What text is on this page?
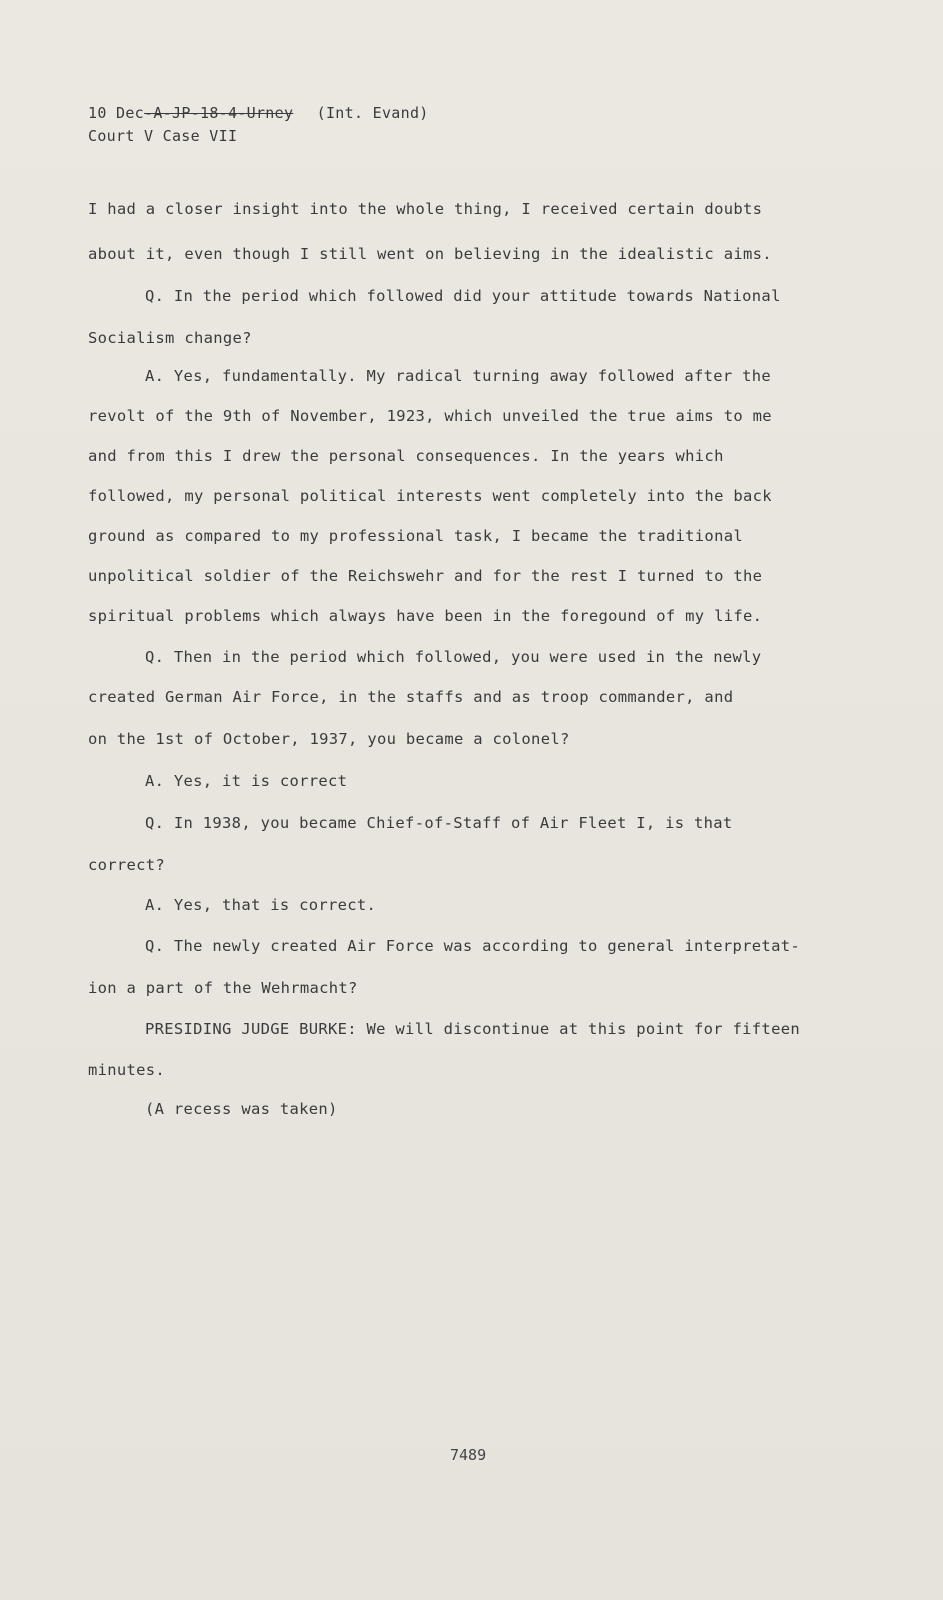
10 Dec-A-JP-18-4-Urney (Int. Evand)
Court V Case VII
I had a closer insight into the whole thing, I received certain doubts
about it, even though I still went on believing in the idealistic aims.
Q. In the period which followed did your attitude towards National
Socialism change?
A. Yes, fundamentally. My radical turning away followed after the
revolt of the 9th of November, 1923, which unveiled the true aims to me
and from this I drew the personal consequences. In the years which
followed, my personal political interests went completely into the back
ground as compared to my professional task, I became the traditional
unpolitical soldier of the Reichswehr and for the rest I turned to the
spiritual problems which always have been in the foregound of my life.
Q. Then in the period which followed, you were used in the newly
created German Air Force, in the staffs and as troop commander, and
on the 1st of October, 1937, you became a colonel?
A. Yes, it is correct
Q. In 1938, you became Chief-of-Staff of Air Fleet I, is that
correct?
A. Yes, that is correct.
Q. The newly created Air Force was according to general interpretat-
ion a part of the Wehrmacht?
PRESIDING JUDGE BURKE: We will discontinue at this point for fifteen
minutes.
(A recess was taken)
7489
